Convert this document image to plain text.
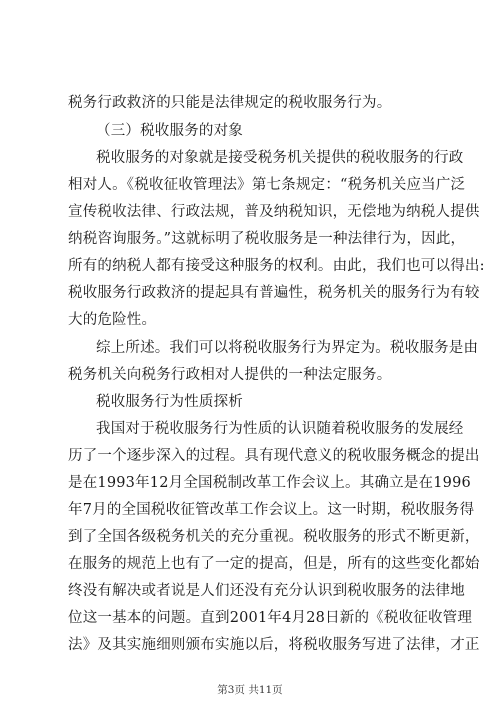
税务行政救济的只能是法律规定的税收服务行为。
（三）税收服务的对象
税收服务的对象就是接受税务机关提供的税收服务的行政
相对人。《税收征收管理法》第七条规定：“税务机关应当广泛
宣传税收法律、行政法规，普及纳税知识，无偿地为纳税人提供
纳税咨询服务。”这就标明了税收服务是一种法律行为，因此，
所有的纳税人都有接受这种服务的权利。由此，我们也可以得出:
税收服务行政救济的提起具有普遍性，税务机关的服务行为有较
大的危险性。
综上所述。我们可以将税收服务行为界定为。税收服务是由
税务机关向税务行政相对人提供的一种法定服务。
税收服务行为性质探析
我国对于税收服务行为性质的认识随着税收服务的发展经
历了一个逐步深入的过程。具有现代意义的税收服务概念的提出
是在1993年12月全国税制改革工作会议上。其确立是在1996
年7月的全国税收征管改革工作会议上。这一时期，税收服务得
到了全国各级税务机关的充分重视。税收服务的形式不断更新，
在服务的规范上也有了一定的提高，但是，所有的这些变化都始
终没有解决或者说是人们还没有充分认识到税收服务的法律地
位这一基本的问题。直到2001年4月28日新的《税收征收管理
法》及其实施细则颁布实施以后，将税收服务写进了法律，才正
第3页 共11页
